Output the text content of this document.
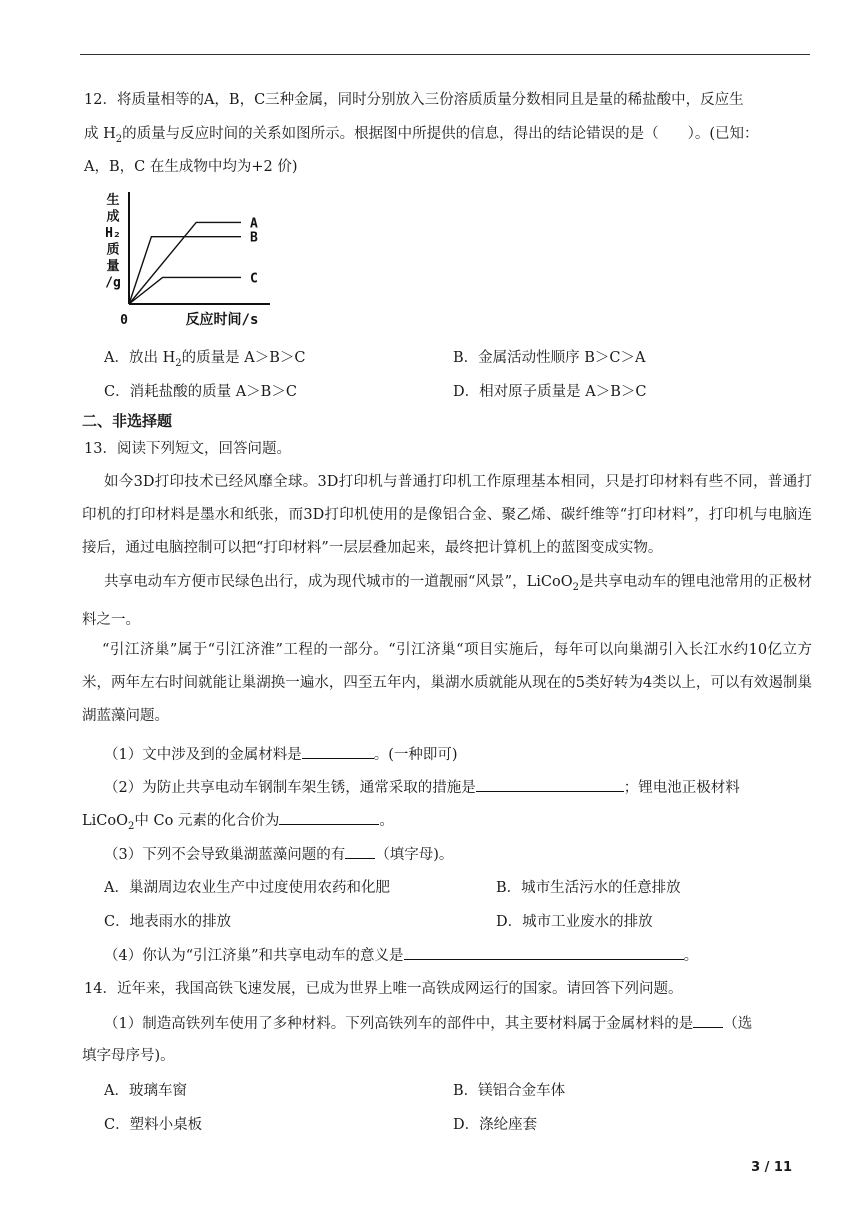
12．将质量相等的A，B，C三种金属，同时分别放入三份溶质质量分数相同且是量的稀盐酸中，反应生
成 $H_2$的质量与反应时间的关系如图所示。根据图中所提供的信息，得出的结论错误的是（　　）。(已知：
A，B，C 在生成物中均为+2 价)
生
成
H₂
质
量
/g
A
B
C
0	反应时间/s
A．放出 $H_2$的质量是 A＞B＞C	B．金属活动性顺序 B＞C＞A
C．消耗盐酸的质量 A＞B＞C	D．相对原子质量是 A＞B＞C
二、非选择题
13．阅读下列短文，回答问题。
如今3D打印技术已经风靡全球。3D打印机与普通打印机工作原理基本相同，只是打印材料有些不同，普通打印机的打印材料是墨水和纸张，而3D打印机使用的是像铝合金、聚乙烯、碳纤维等“打印材料”，打印机与电脑连接后，通过电脑控制可以把“打印材料”一层层叠加起来，最终把计算机上的蓝图变成实物。
共享电动车方便市民绿色出行，成为现代城市的一道靓丽“风景”，LiCoO$_2$是共享电动车的锂电池常用的正极材料之一。
“引江济巢”属于“引江济淮”工程的一部分。“引江济巢“项目实施后，每年可以向巢湖引入长江水约10亿立方米，两年左右时间就能让巢湖换一遍水，四至五年内，巢湖水质就能从现在的5类好转为4类以上，可以有效遏制巢湖蓝藻问题。
（1）文中涉及到的金属材料是	。(一种即可)
（2）为防止共享电动车钢制车架生锈，通常采取的措施是	；锂电池正极材料
LiCoO$_2$中 Co 元素的化合价为	。
（3）下列不会导致巢湖蓝藻问题的有 （填字母)。
A．巢湖周边农业生产中过度使用农药和化肥	B．城市生活污水的任意排放
C．地表雨水的排放	D．城市工业废水的排放
（4）你认为“引江济巢”和共享电动车的意义是	。
14．近年来，我国高铁飞速发展，已成为世界上唯一高铁成网运行的国家。请回答下列问题。
（1）制造高铁列车使用了多种材料。下列高铁列车的部件中，其主要材料属于金属材料的是 （选
填字母序号)。
A．玻璃车窗	B．镁铝合金车体
C．塑料小桌板	D．涤纶座套
3 / 11
